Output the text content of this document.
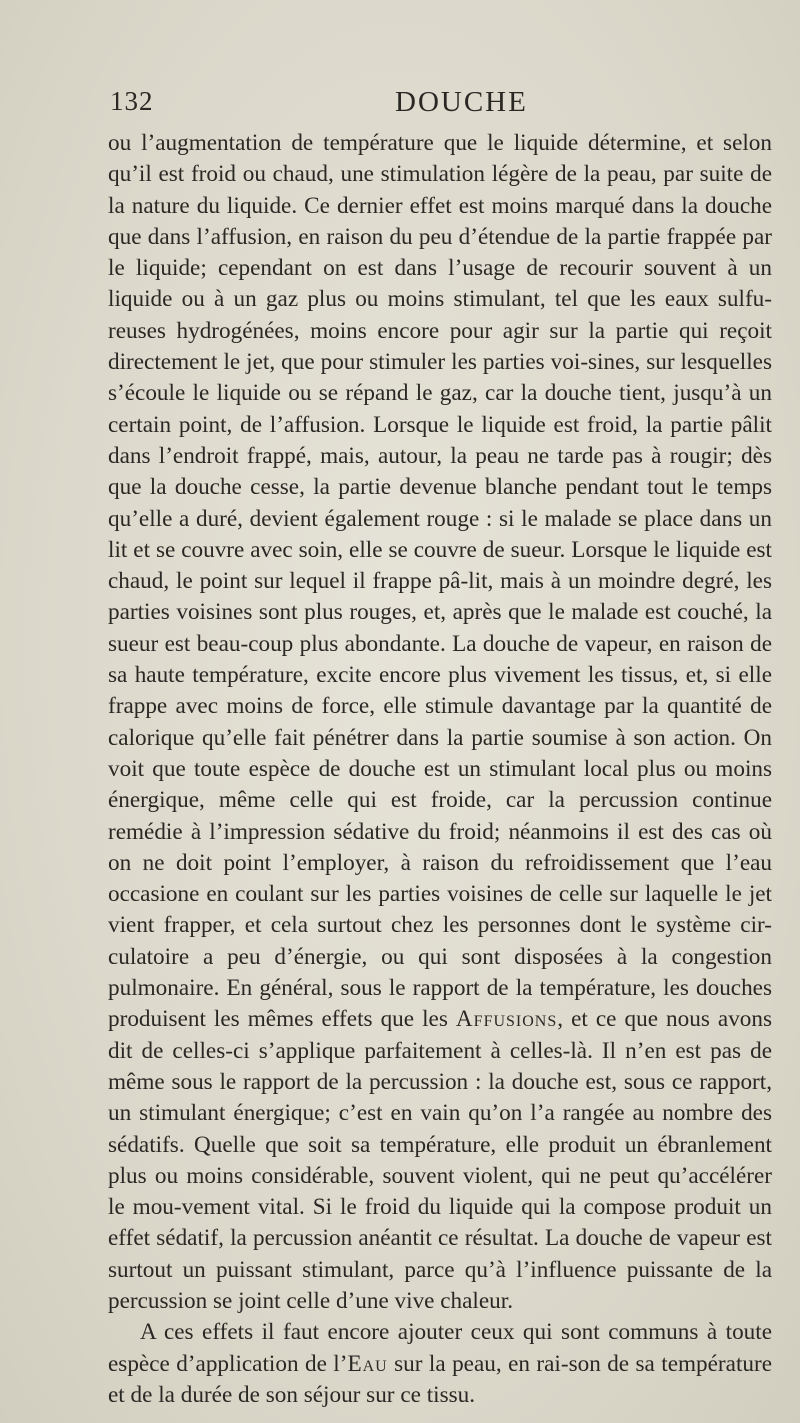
132	DOUCHE

ou l’augmentation de température que le liquide détermine, et selon qu’il est froid ou chaud, une stimulation légère de la peau, par suite de la nature du liquide. Ce dernier effet est moins marqué dans la douche que dans l’affusion, en raison du peu d’étendue de la partie frappée par le liquide; cependant on est dans l’usage de recourir souvent à un liquide ou à un gaz plus ou moins stimulant, tel que les eaux sulfu-reuses hydrogénées, moins encore pour agir sur la partie qui reçoit directement le jet, que pour stimuler les parties voi-sines, sur lesquelles s’écoule le liquide ou se répand le gaz, car la douche tient, jusqu’à un certain point, de l’affusion. Lorsque le liquide est froid, la partie pâlit dans l’endroit frappé, mais, autour, la peau ne tarde pas à rougir; dès que la douche cesse, la partie devenue blanche pendant tout le temps qu’elle a duré, devient également rouge : si le malade se place dans un lit et se couvre avec soin, elle se couvre de sueur. Lorsque le liquide est chaud, le point sur lequel il frappe pâ-lit, mais à un moindre degré, les parties voisines sont plus rouges, et, après que le malade est couché, la sueur est beau-coup plus abondante. La douche de vapeur, en raison de sa haute température, excite encore plus vivement les tissus, et, si elle frappe avec moins de force, elle stimule davantage par la quantité de calorique qu’elle fait pénétrer dans la partie soumise à son action. On voit que toute espèce de douche est un stimulant local plus ou moins énergique, même celle qui est froide, car la percussion continue remédie à l’impression sédative du froid; néanmoins il est des cas où on ne doit point l’employer, à raison du refroidissement que l’eau occasione en coulant sur les parties voisines de celle sur laquelle le jet vient frapper, et cela surtout chez les personnes dont le système cir-culatoire a peu d’énergie, ou qui sont disposées à la congestion pulmonaire. En général, sous le rapport de la température, les douches produisent les mêmes effets que les Affusions, et ce que nous avons dit de celles-ci s’applique parfaitement à celles-là. Il n’en est pas de même sous le rapport de la percussion : la douche est, sous ce rapport, un stimulant énergique; c’est en vain qu’on l’a rangée au nombre des sédatifs. Quelle que soit sa température, elle produit un ébranlement plus ou moins considérable, souvent violent, qui ne peut qu’accélérer le mou-vement vital. Si le froid du liquide qui la compose produit un effet sédatif, la percussion anéantit ce résultat. La douche de vapeur est surtout un puissant stimulant, parce qu’à l’influence puissante de la percussion se joint celle d’une vive chaleur.

A ces effets il faut encore ajouter ceux qui sont communs à toute espèce d’application de l’Eau sur la peau, en rai-son de sa température et de la durée de son séjour sur ce tissu.
